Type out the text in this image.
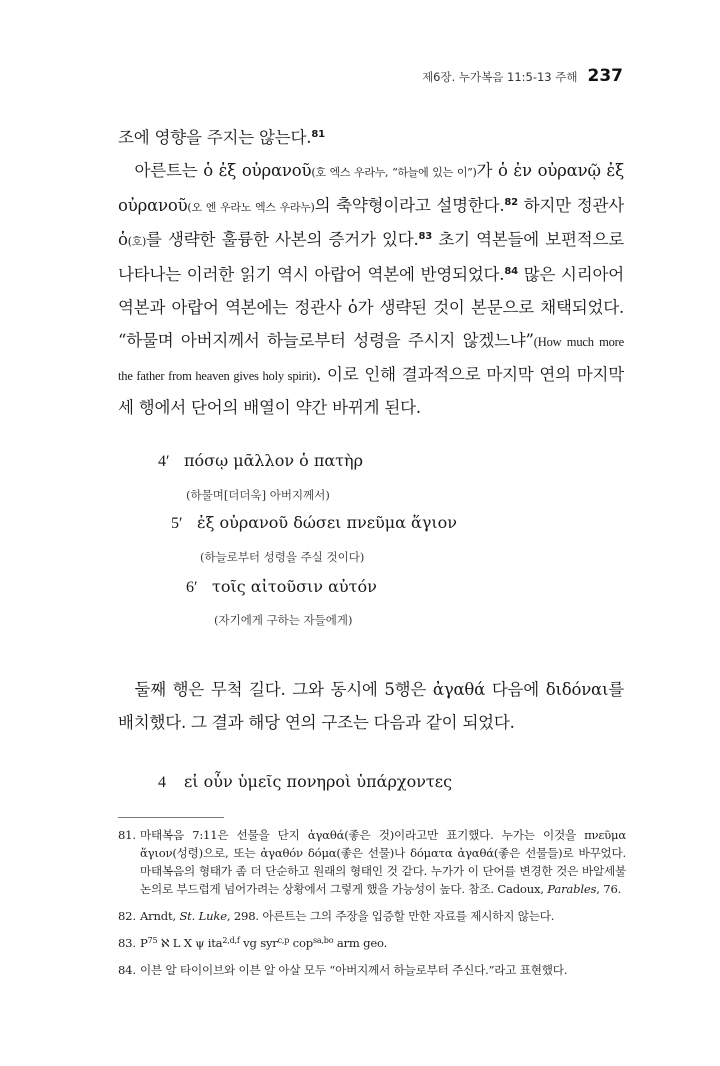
제6장. 누가복음 11:5-13 주해 237

조에 영향을 주지는 않는다.$^{81}$

아른트는 ὁ ἐξ οὐρανοῦ(호 엑스 우라누, “하늘에 있는 이”)가 ὁ ἐν οὐρανῷ ἐξ οὐρανοῦ(오 엔 우라노 엑스 우라누)의 축약형이라고 설명한다.$^{82}$ 하지만 정관사 ὁ(호)를 생략한 훌륭한 사본의 증거가 있다.$^{83}$ 초기 역본들에 보편적으로 나타나는 이러한 읽기 역시 아랍어 역본에 반영되었다.$^{84}$ 많은 시리아어 역본과 아랍어 역본에는 정관사 ὁ가 생략된 것이 본문으로 채택되었다. “하물며 아버지께서 하늘로부터 성령을 주시지 않겠느냐”(How much more the father from heaven gives holy spirit). 이로 인해 결과적으로 마지막 연의 마지막 세 행에서 단어의 배열이 약간 바뀌게 된다.

4′ πόσῳ μᾶλλον ὁ πατὴρ
(하물며[더더욱] 아버지께서)
5′ ἐξ οὐρανοῦ δώσει πνεῦμα ἅγιον
(하늘로부터 성령을 주실 것이다)
6′ τοῖς αἰτοῦσιν αὐτόν
(자기에게 구하는 자들에게)

둘째 행은 무척 길다. 그와 동시에 5행은 ἀγαθά 다음에 διδόναι를 배치했다. 그 결과 해당 연의 구조는 다음과 같이 되었다.

4 εἰ οὖν ὑμεῖς πονηροὶ ὑπάρχοντες
81. 마태복음 7:11은 선물을 단지 ἀγαθά(좋은 것)이라고만 표기했다. 누가는 이것을 πνεῦμα ἅγιον(성령)으로, 또는 ἀγαθόν δόμα(좋은 선물)나 δόματα ἀγαθά(좋은 선물들)로 바꾸었다. 마태복음의 형태가 좀 더 단순하고 원래의 형태인 것 같다. 누가가 이 단어를 변경한 것은 바알세불 논의로 부드럽게 넘어가려는 상황에서 그렇게 했을 가능성이 높다. 참조. Cadoux, Parables, 76.
82. Arndt, St. Luke, 298. 아른트는 그의 주장을 입증할 만한 자료를 제시하지 않는다.
83. $P^{75}$ ℵ L X ψ ita$^{2,d,f}$ vg syr$^{c,p}$ cop$^{sa,bo}$ arm geo.
84. 이븐 알 타이이브와 이븐 알 아살 모두 “아버지께서 하늘로부터 주신다.”라고 표현했다.
